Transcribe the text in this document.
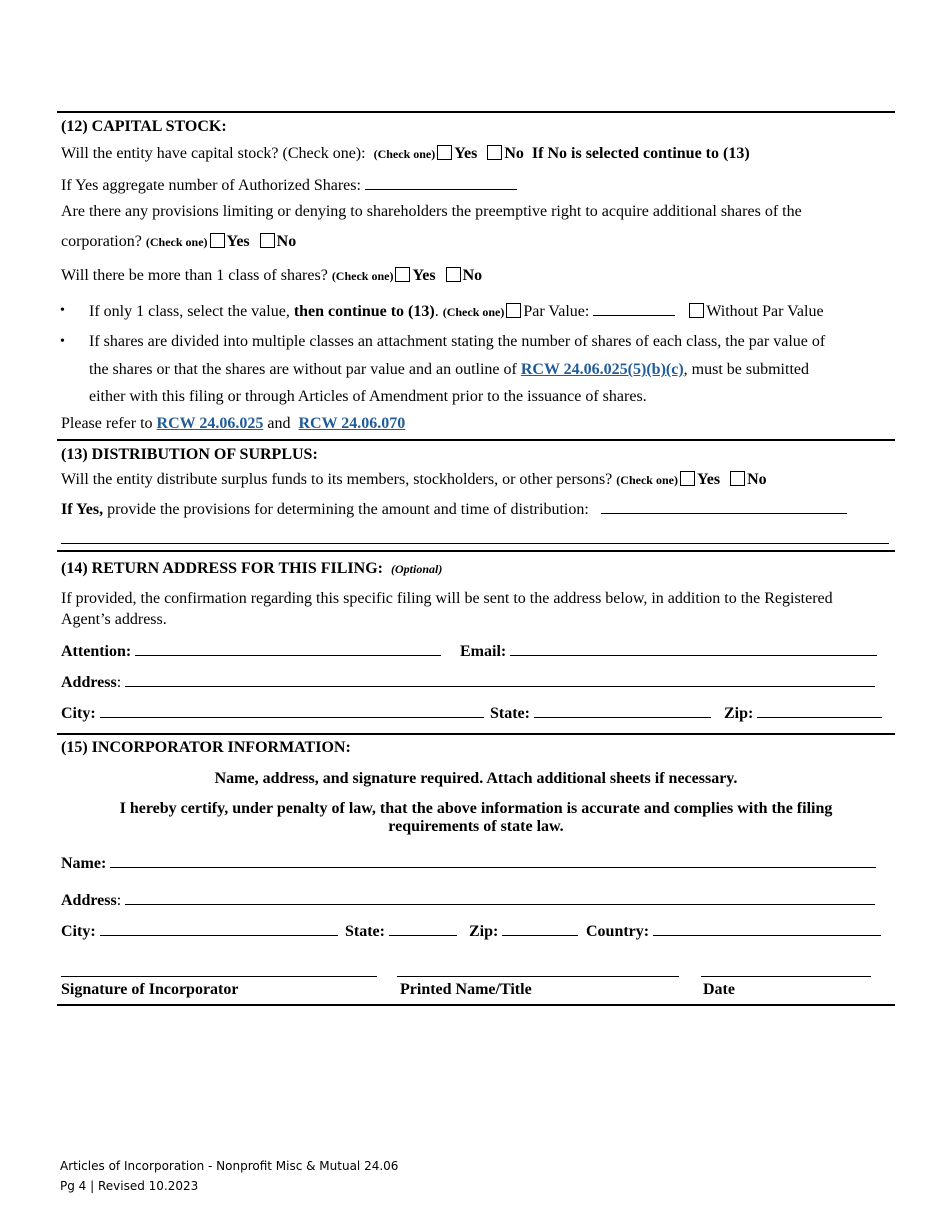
(12) CAPITAL STOCK:
Will the entity have capital stock? (Check one): (Check one) Yes No If No is selected continue to (13)
If Yes aggregate number of Authorized Shares:
Are there any provisions limiting or denying to shareholders the preemptive right to acquire additional shares of the
corporation? (Check one) Yes No
Will there be more than 1 class of shares? (Check one) Yes No
• If only 1 class, select the value, then continue to (13). (Check one) Par Value:	Without Par Value
• If shares are divided into multiple classes an attachment stating the number of shares of each class, the par value of
the shares or that the shares are without par value and an outline of RCW 24.06.025(5)(b)(c), must be submitted
either with this filing or through Articles of Amendment prior to the issuance of shares.
Please refer to RCW 24.06.025 and RCW 24.06.070
(13) DISTRIBUTION OF SURPLUS:
Will the entity distribute surplus funds to its members, stockholders, or other persons? (Check one) Yes No
If Yes, provide the provisions for determining the amount and time of distribution:
(14) RETURN ADDRESS FOR THIS FILING: (Optional)
If provided, the confirmation regarding this specific filing will be sent to the address below, in addition to the Registered
Agent’s address.
Attention:	Email:
Address:
City:	State:	Zip:
(15) INCORPORATOR INFORMATION:
Name, address, and signature required. Attach additional sheets if necessary.
I hereby certify, under penalty of law, that the above information is accurate and complies with the filing
requirements of state law.
Name:
Address:
City:	State:	Zip:	Country:
Signature of Incorporator	Printed Name/Title	Date
Articles of Incorporation - Nonprofit Misc & Mutual 24.06
Pg 4 | Revised 10.2023
